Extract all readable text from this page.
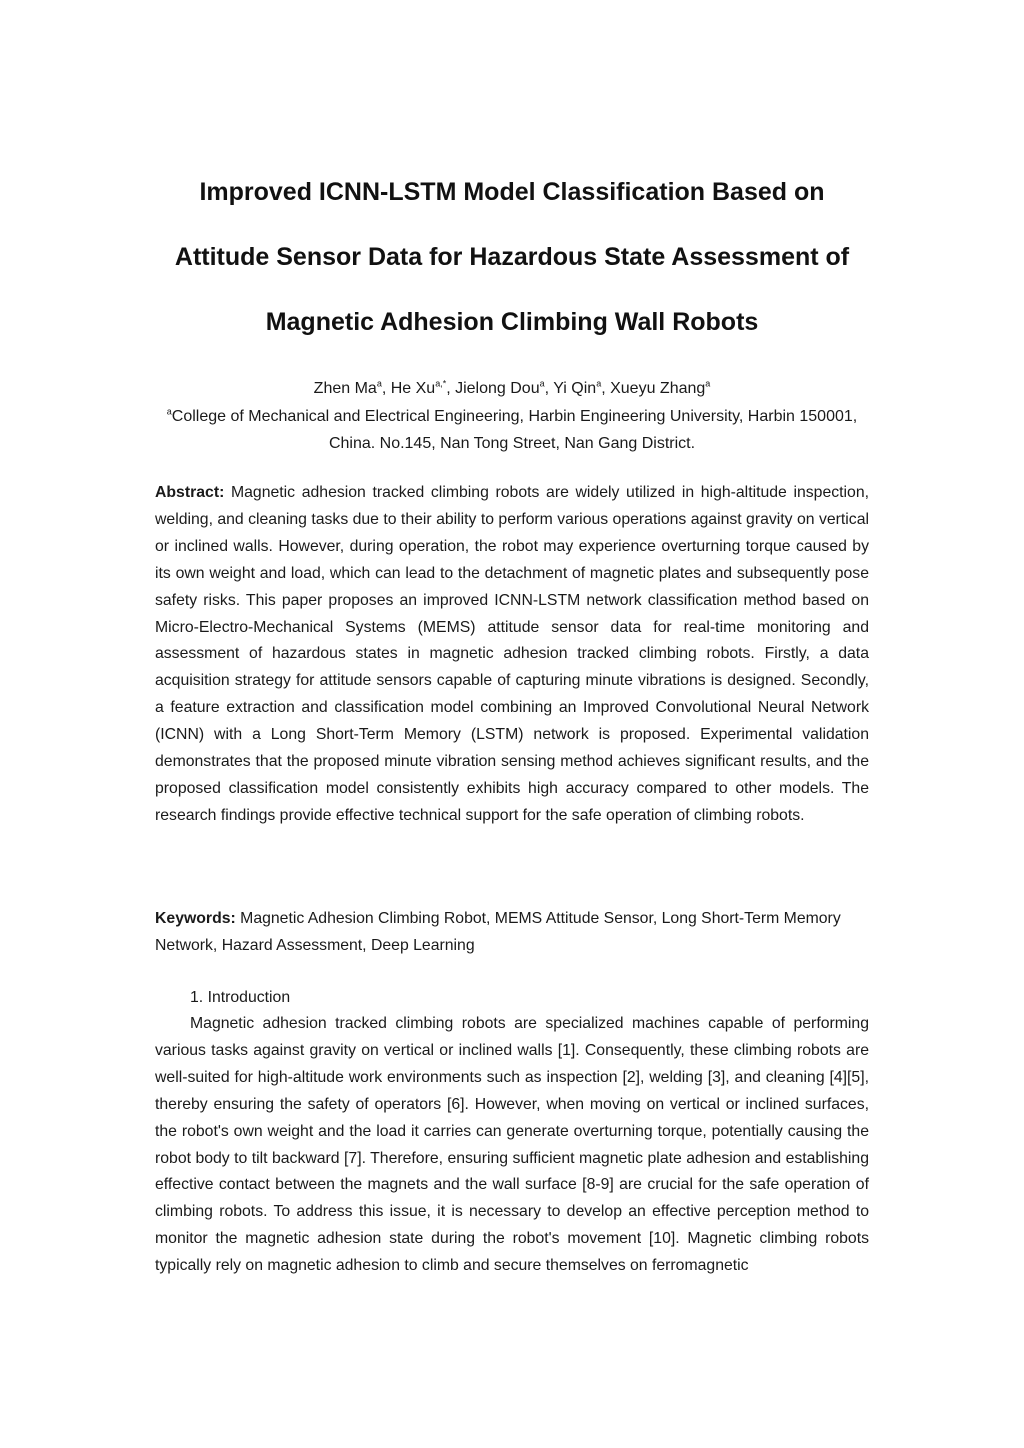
Improved ICNN-LSTM Model Classification Based on
Attitude Sensor Data for Hazardous State Assessment of
Magnetic Adhesion Climbing Wall Robots
Zhen Ma$^a$, He $Xu^{a,*}$, Jielong Dou$^a$, Yi Qin$^a$, Xueyu Zhang$^a$
$^a$College of Mechanical and Electrical Engineering, Harbin Engineering University, Harbin 150001, China. No.145, Nan Tong Street, Nan Gang District.
Abstract: Magnetic adhesion tracked climbing robots are widely utilized in high-altitude inspection, welding, and cleaning tasks due to their ability to perform various operations against gravity on vertical or inclined walls. However, during operation, the robot may experience overturning torque caused by its own weight and load, which can lead to the detachment of magnetic plates and subsequently pose safety risks. This paper proposes an improved ICNN-LSTM network classification method based on Micro-Electro-Mechanical Systems (MEMS) attitude sensor data for real-time monitoring and assessment of hazardous states in magnetic adhesion tracked climbing robots. Firstly, a data acquisition strategy for attitude sensors capable of capturing minute vibrations is designed. Secondly, a feature extraction and classification model combining an Improved Convolutional Neural Network (ICNN) with a Long Short-Term Memory (LSTM) network is proposed. Experimental validation demonstrates that the proposed minute vibration sensing method achieves significant results, and the proposed classification model consistently exhibits high accuracy compared to other models. The research findings provide effective technical support for the safe operation of climbing robots.
Keywords: Magnetic Adhesion Climbing Robot, MEMS Attitude Sensor, Long Short-Term Memory Network, Hazard Assessment, Deep Learning
1. Introduction

Magnetic adhesion tracked climbing robots are specialized machines capable of performing various tasks against gravity on vertical or inclined walls [1]. Consequently, these climbing robots are well-suited for high-altitude work environments such as inspection [2], welding [3], and cleaning [4][5], thereby ensuring the safety of operators [6]. However, when moving on vertical or inclined surfaces, the robot's own weight and the load it carries can generate overturning torque, potentially causing the robot body to tilt backward [7]. Therefore, ensuring sufficient magnetic plate adhesion and establishing effective contact between the magnets and the wall surface [8-9] are crucial for the safe operation of climbing robots. To address this issue, it is necessary to develop an effective perception method to monitor the magnetic adhesion state during the robot's movement [10]. Magnetic climbing robots typically rely on magnetic adhesion to climb and secure themselves on ferromagnetic
